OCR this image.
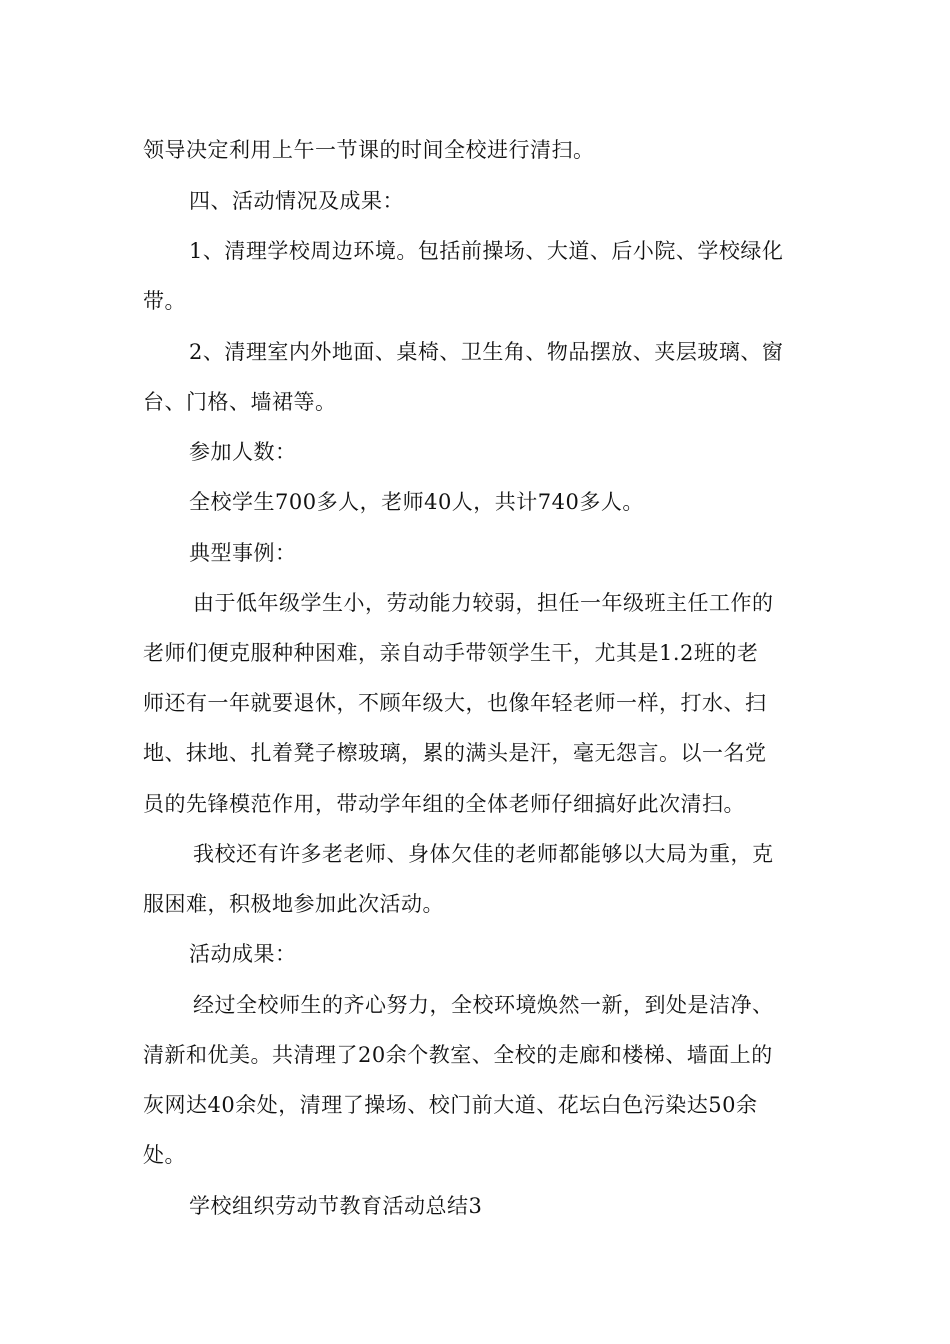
领导决定利用上午一节课的时间全校进行清扫。
四、活动情况及成果：
1、清理学校周边环境。包括前操场、大道、后小院、学校绿化
带。
2、清理室内外地面、桌椅、卫生角、物品摆放、夹层玻璃、窗
台、门格、墙裙等。
参加人数：
全校学生700多人，老师40人，共计740多人。
典型事例：
由于低年级学生小，劳动能力较弱，担任一年级班主任工作的
老师们便克服种种困难，亲自动手带领学生干，尤其是1.2班的老
师还有一年就要退休，不顾年级大，也像年轻老师一样，打水、扫
地、抹地、扎着凳子檫玻璃，累的满头是汗，毫无怨言。以一名党
员的先锋模范作用，带动学年组的全体老师仔细搞好此次清扫。
我校还有许多老老师、身体欠佳的老师都能够以大局为重，克
服困难，积极地参加此次活动。
活动成果：
经过全校师生的齐心努力，全校环境焕然一新，到处是洁净、
清新和优美。共清理了20余个教室、全校的走廊和楼梯、墙面上的
灰网达40余处，清理了操场、校门前大道、花坛白色污染达50余
处。
学校组织劳动节教育活动总结3
